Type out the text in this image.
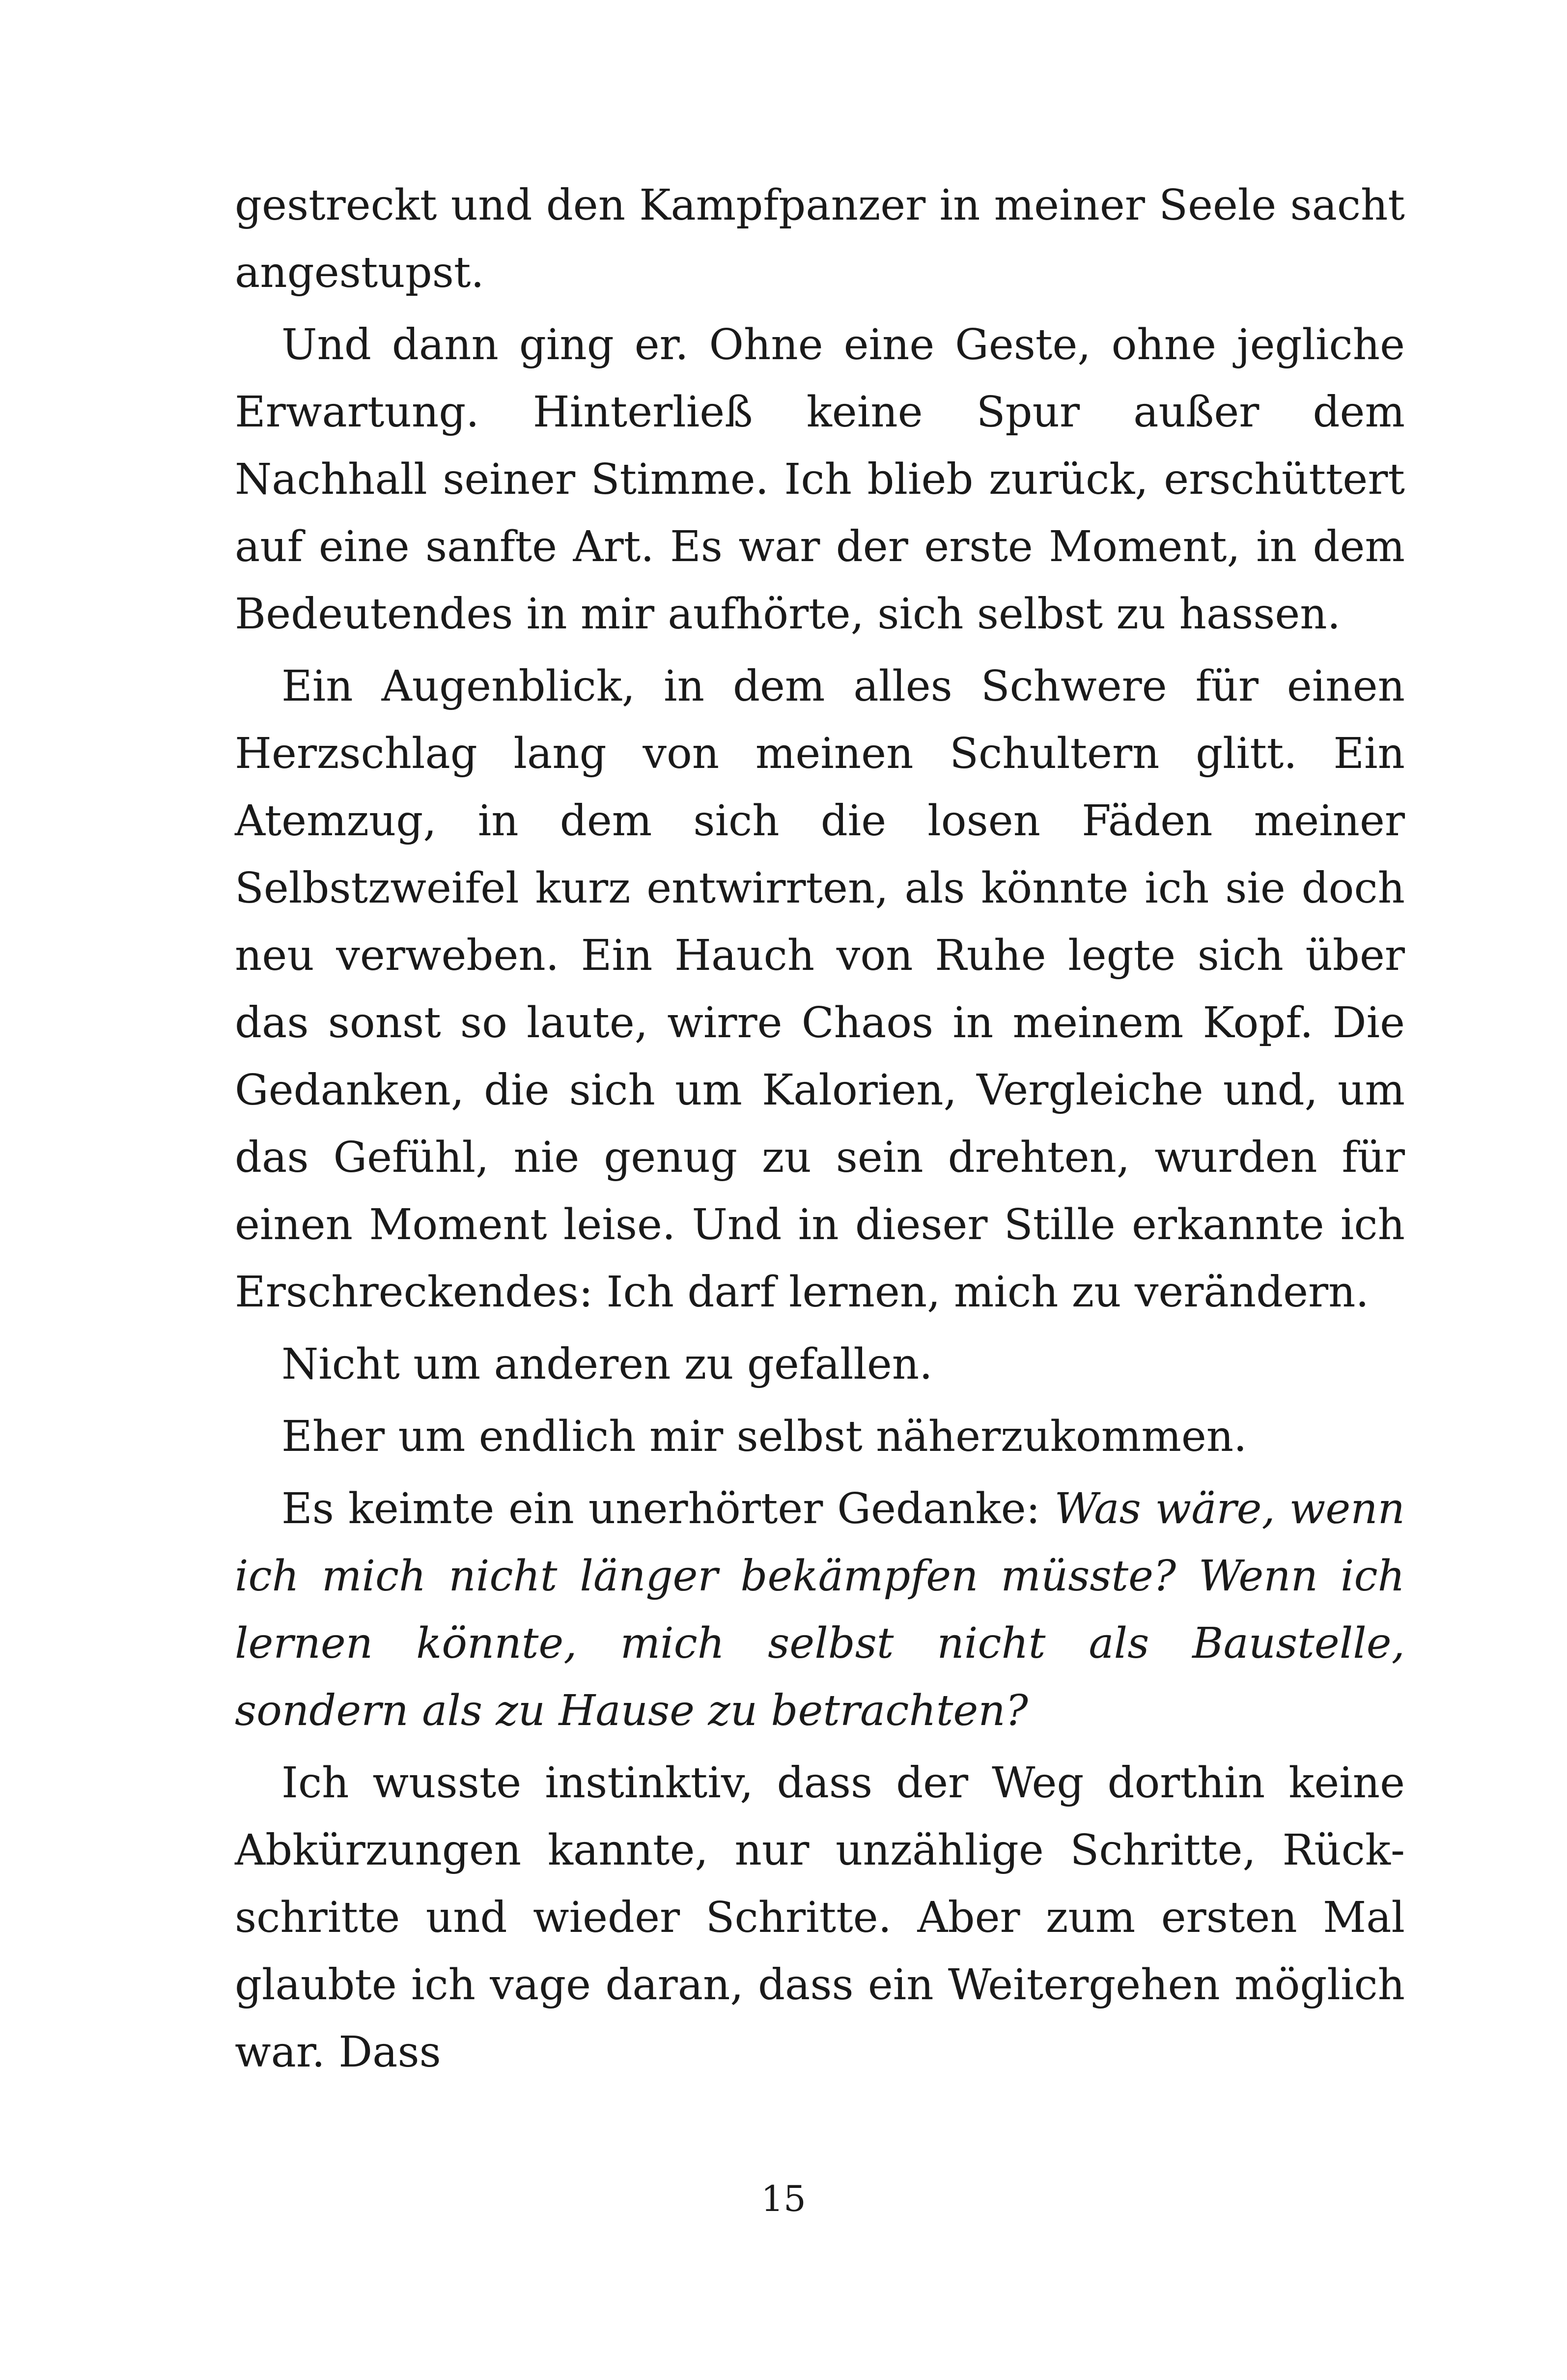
gestreckt und den Kampfpanzer in meiner Seele sacht angestupst.

Und dann ging er. Ohne eine Geste, ohne jegliche Erwartung. Hinterließ keine Spur außer dem Nachhall seiner Stimme. Ich blieb zurück, erschüttert auf eine sanfte Art. Es war der erste Moment, in dem Bedeutendes in mir aufhörte, sich selbst zu hassen.

Ein Augenblick, in dem alles Schwere für einen Herzschlag lang von meinen Schultern glitt. Ein Atemzug, in dem sich die losen Fäden meiner Selbstzweifel kurz entwirrten, als könnte ich sie doch neu verweben. Ein Hauch von Ruhe legte sich über das sonst so laute, wirre Chaos in meinem Kopf. Die Gedanken, die sich um Kalorien, Vergleiche und, um das Gefühl, nie genug zu sein drehten, wurden für einen Moment leise. Und in dieser Stille erkannte ich Erschreckendes: Ich darf lernen, mich zu verändern.

Nicht um anderen zu gefallen.

Eher um endlich mir selbst näherzukommen.

Es keimte ein unerhörter Gedanke: Was wäre, wenn ich mich nicht länger bekämpfen müsste? Wenn ich lernen könnte, mich selbst nicht als Baustelle, sondern als zu Hause zu betrachten?

Ich wusste instinktiv, dass der Weg dorthin keine Abkürzungen kannte, nur unzählige Schritte, Rückschritte und wieder Schritte. Aber zum ersten Mal glaubte ich vage daran, dass ein Weitergehen möglich war. Dass

15
